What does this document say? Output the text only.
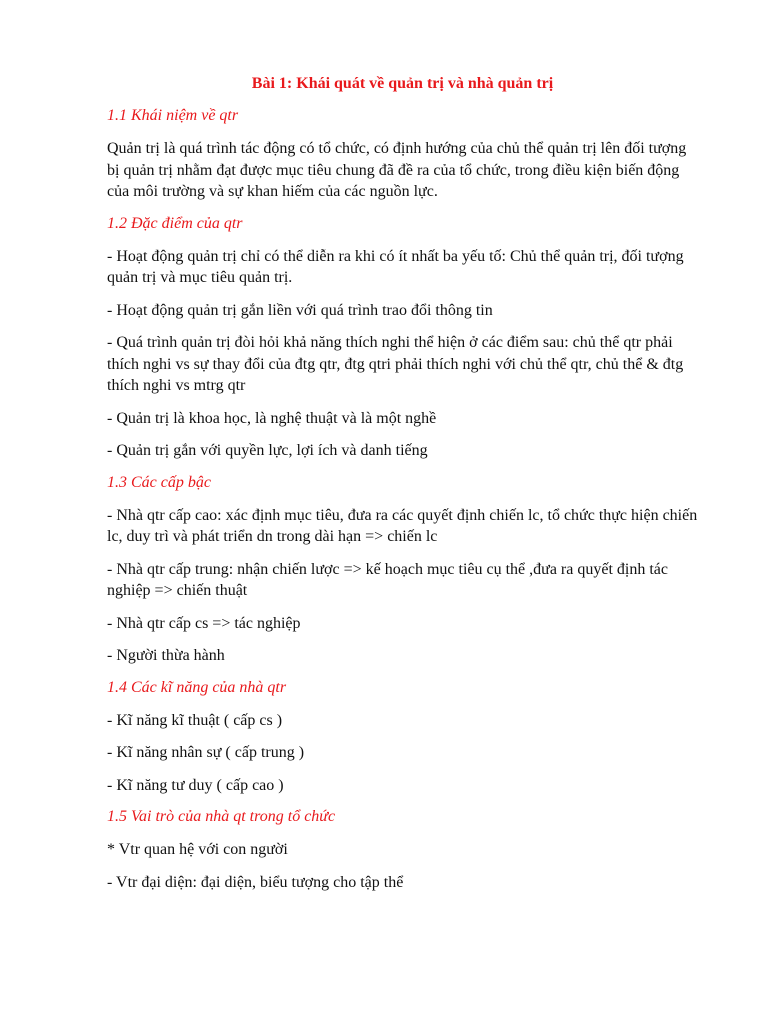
Bài 1: Khái quát về quản trị và nhà quản trị
1.1 Khái niệm về qtr
Quản trị là quá trình tác động có tổ chức, có định hướng của chủ thể quản trị lên đối tượng bị quản trị nhằm đạt được mục tiêu chung đã đề ra của tổ chức, trong điều kiện biến động của môi trường và sự khan hiếm của các nguồn lực.
1.2 Đặc điểm của qtr
- Hoạt động quản trị chỉ có thể diễn ra khi có ít nhất ba yếu tố: Chủ thể quản trị, đối tượng quản trị và mục tiêu quản trị.
- Hoạt động quản trị gắn liền với quá trình trao đổi thông tin
- Quá trình quản trị đòi hỏi khả năng thích nghi thể hiện ở các điểm sau: chủ thể qtr phải thích nghi vs sự thay đổi của đtg qtr, đtg qtri phải thích nghi với chủ thể qtr, chủ thể & đtg thích nghi vs mtrg qtr
- Quản trị là khoa học, là nghệ thuật và là một nghề
- Quản trị gắn với quyền lực, lợi ích và danh tiếng
1.3 Các cấp bậc
- Nhà qtr cấp cao: xác định mục tiêu, đưa ra các quyết định chiến lc, tổ chức thực hiện chiến lc, duy trì và phát triển dn trong dài hạn => chiến lc
- Nhà qtr cấp trung: nhận chiến lược => kế hoạch mục tiêu cụ thể ,đưa ra quyết định tác nghiệp => chiến thuật
- Nhà qtr cấp cs => tác nghiệp
- Người thừa hành
1.4 Các kĩ năng của nhà qtr
- Kĩ năng kĩ thuật ( cấp cs )
- Kĩ năng nhân sự ( cấp trung )
- Kĩ năng tư duy ( cấp cao )
1.5 Vai trò của nhà qt trong tổ chức
* Vtr quan hệ với con người
- Vtr đại diện: đại diện, biểu tượng cho tập thể
